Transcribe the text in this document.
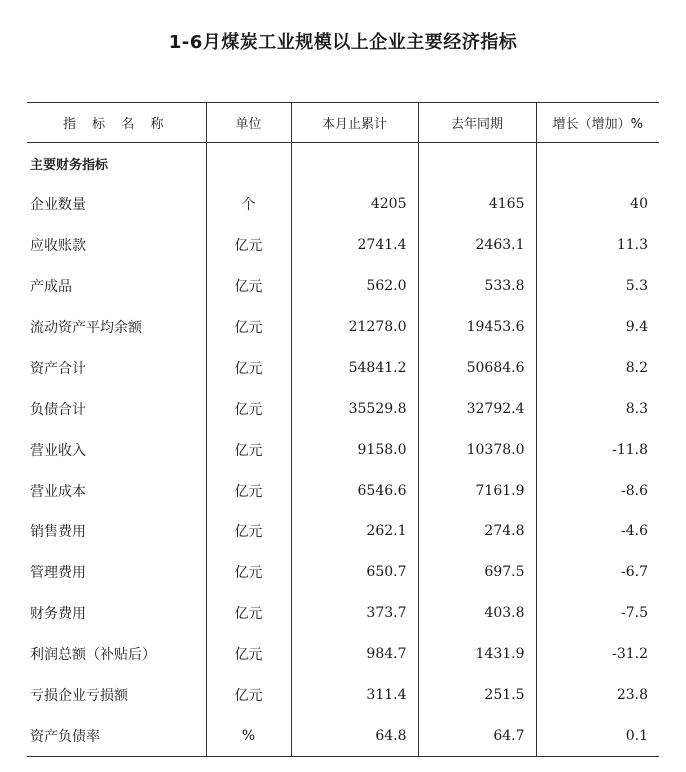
1-6月煤炭工业规模以上企业主要经济指标
指 标 名 称	单位	本月止累计	去年同期	增长（增加）%
主要财务指标				
企业数量	个	4205	4165	40
应收账款	亿元	2741.4	2463.1	11.3
产成品	亿元	562.0	533.8	5.3
流动资产平均余额	亿元	21278.0	19453.6	9.4
资产合计	亿元	54841.2	50684.6	8.2
负债合计	亿元	35529.8	32792.4	8.3
营业收入	亿元	9158.0	10378.0	-11.8
营业成本	亿元	6546.6	7161.9	-8.6
销售费用	亿元	262.1	274.8	-4.6
管理费用	亿元	650.7	697.5	-6.7
财务费用	亿元	373.7	403.8	-7.5
利润总额（补贴后）	亿元	984.7	1431.9	-31.2
亏损企业亏损额	亿元	311.4	251.5	23.8
资产负债率	%	64.8	64.7	0.1
